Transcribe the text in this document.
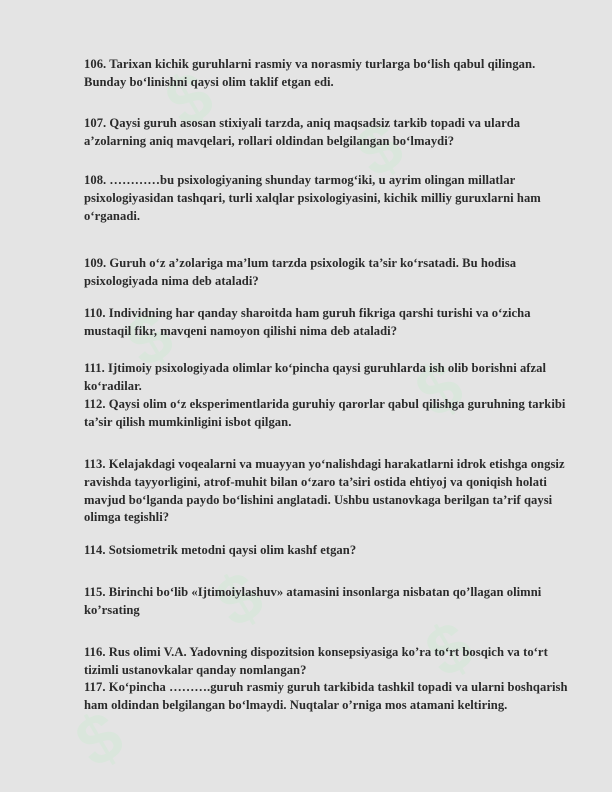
$
$
$
$
$
$
$

106. Tarixan kichik guruhlarni rasmiy va norasmiy turlarga bo‘lish qabul qilingan. Bunday bo‘linishni qaysi olim taklif etgan edi.

107. Qaysi guruh asosan stixiyali tarzda, aniq maqsadsiz tarkib topadi va ularda a’zolarning aniq mavqelari, rollari oldindan belgilangan bo‘lmaydi?

108. …………bu psixologiyaning shunday tarmog‘iki, u ayrim olingan millatlar psixologiyasidan tashqari, turli xalqlar psixologiyasini, kichik milliy guruxlarni ham o‘rganadi.

109. Guruh o‘z a’zolariga ma’lum tarzda psixologik ta’sir ko‘rsatadi. Bu hodisa psixologiyada nima deb ataladi?

110. Individning har qanday sharoitda ham guruh fikriga qarshi turishi va o‘zicha mustaqil fikr, mavqeni namoyon qilishi nima deb ataladi?

111. Ijtimoiy psixologiyada olimlar ko‘pincha qaysi guruhlarda ish olib borishni afzal ko‘radilar.

112. Qaysi olim o‘z eksperimentlarida guruhiy qarorlar qabul qilishga guruhning tarkibi ta’sir qilish mumkinligini isbot qilgan.

113. Kelajakdagi voqealarni va muayyan yo‘nalishdagi harakatlarni idrok etishga ongsiz ravishda tayyorligini, atrof-muhit bilan o‘zaro ta’siri ostida ehtiyoj va qoniqish holati mavjud bo‘lganda paydo bo‘lishini anglatadi. Ushbu ustanovkaga berilgan ta’rif qaysi olimga tegishli?

114. Sotsiometrik metodni qaysi olim kashf etgan?

115. Birinchi bo‘lib «Ijtimoiylashuv» atamasini insonlarga nisbatan qo’llagan olimni ko’rsating

116. Rus olimi V.A. Yadovning dispozitsion konsepsiyasiga ko’ra to‘rt bosqich va to‘rt tizimli ustanovkalar qanday nomlangan?

117. Ko‘pincha ……….guruh rasmiy guruh tarkibida tashkil topadi va ularni boshqarish ham oldindan belgilangan bo‘lmaydi. Nuqtalar o’rniga mos atamani keltiring.
